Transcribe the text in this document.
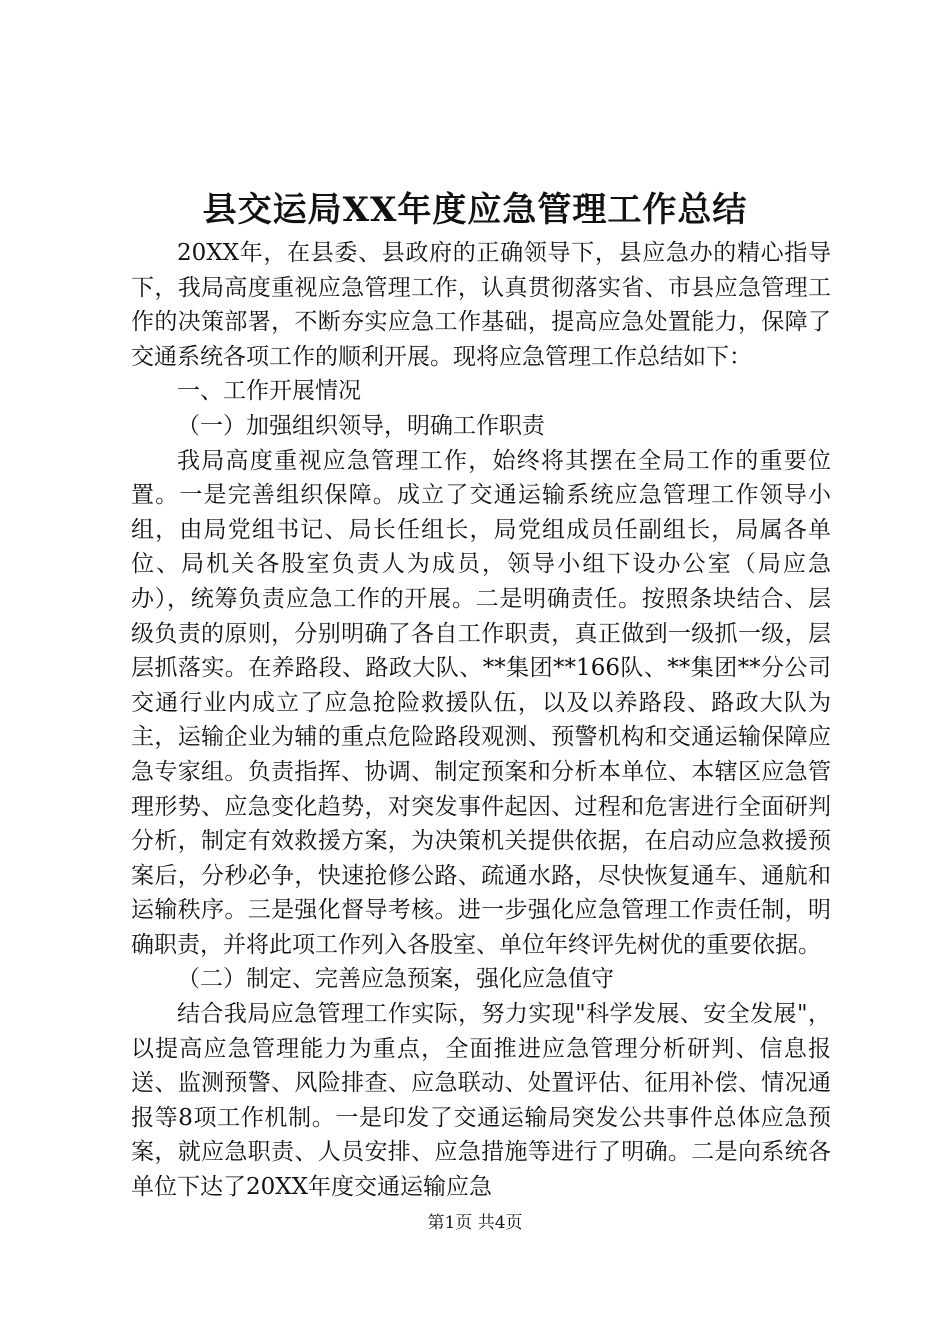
县交运局XX年度应急管理工作总结

20XX年，在县委、县政府的正确领导下，县应急办的精心指导下，我局高度重视应急管理工作，认真贯彻落实省、市县应急管理工作的决策部署，不断夯实应急工作基础，提高应急处置能力，保障了交通系统各项工作的顺利开展。现将应急管理工作总结如下：

一、工作开展情况

（一）加强组织领导，明确工作职责

我局高度重视应急管理工作，始终将其摆在全局工作的重要位置。一是完善组织保障。成立了交通运输系统应急管理工作领导小组，由局党组书记、局长任组长，局党组成员任副组长，局属各单位、局机关各股室负责人为成员，领导小组下设办公室（局应急办），统筹负责应急工作的开展。二是明确责任。按照条块结合、层级负责的原则，分别明确了各自工作职责，真正做到一级抓一级，层层抓落实。在养路段、路政大队、**集团**166队、**集团**分公司交通行业内成立了应急抢险救援队伍，以及以养路段、路政大队为主，运输企业为辅的重点危险路段观测、预警机构和交通运输保障应急专家组。负责指挥、协调、制定预案和分析本单位、本辖区应急管理形势、应急变化趋势，对突发事件起因、过程和危害进行全面研判分析，制定有效救援方案，为决策机关提供依据，在启动应急救援预案后，分秒必争，快速抢修公路、疏通水路，尽快恢复通车、通航和运输秩序。三是强化督导考核。进一步强化应急管理工作责任制，明确职责，并将此项工作列入各股室、单位年终评先树优的重要依据。

（二）制定、完善应急预案，强化应急值守

结合我局应急管理工作实际，努力实现"科学发展、安全发展"，以提高应急管理能力为重点，全面推进应急管理分析研判、信息报送、监测预警、风险排查、应急联动、处置评估、征用补偿、情况通报等8项工作机制。一是印发了交通运输局突发公共事件总体应急预案，就应急职责、人员安排、应急措施等进行了明确。二是向系统各单位下达了20XX年度交通运输应急

第1页 共4页
